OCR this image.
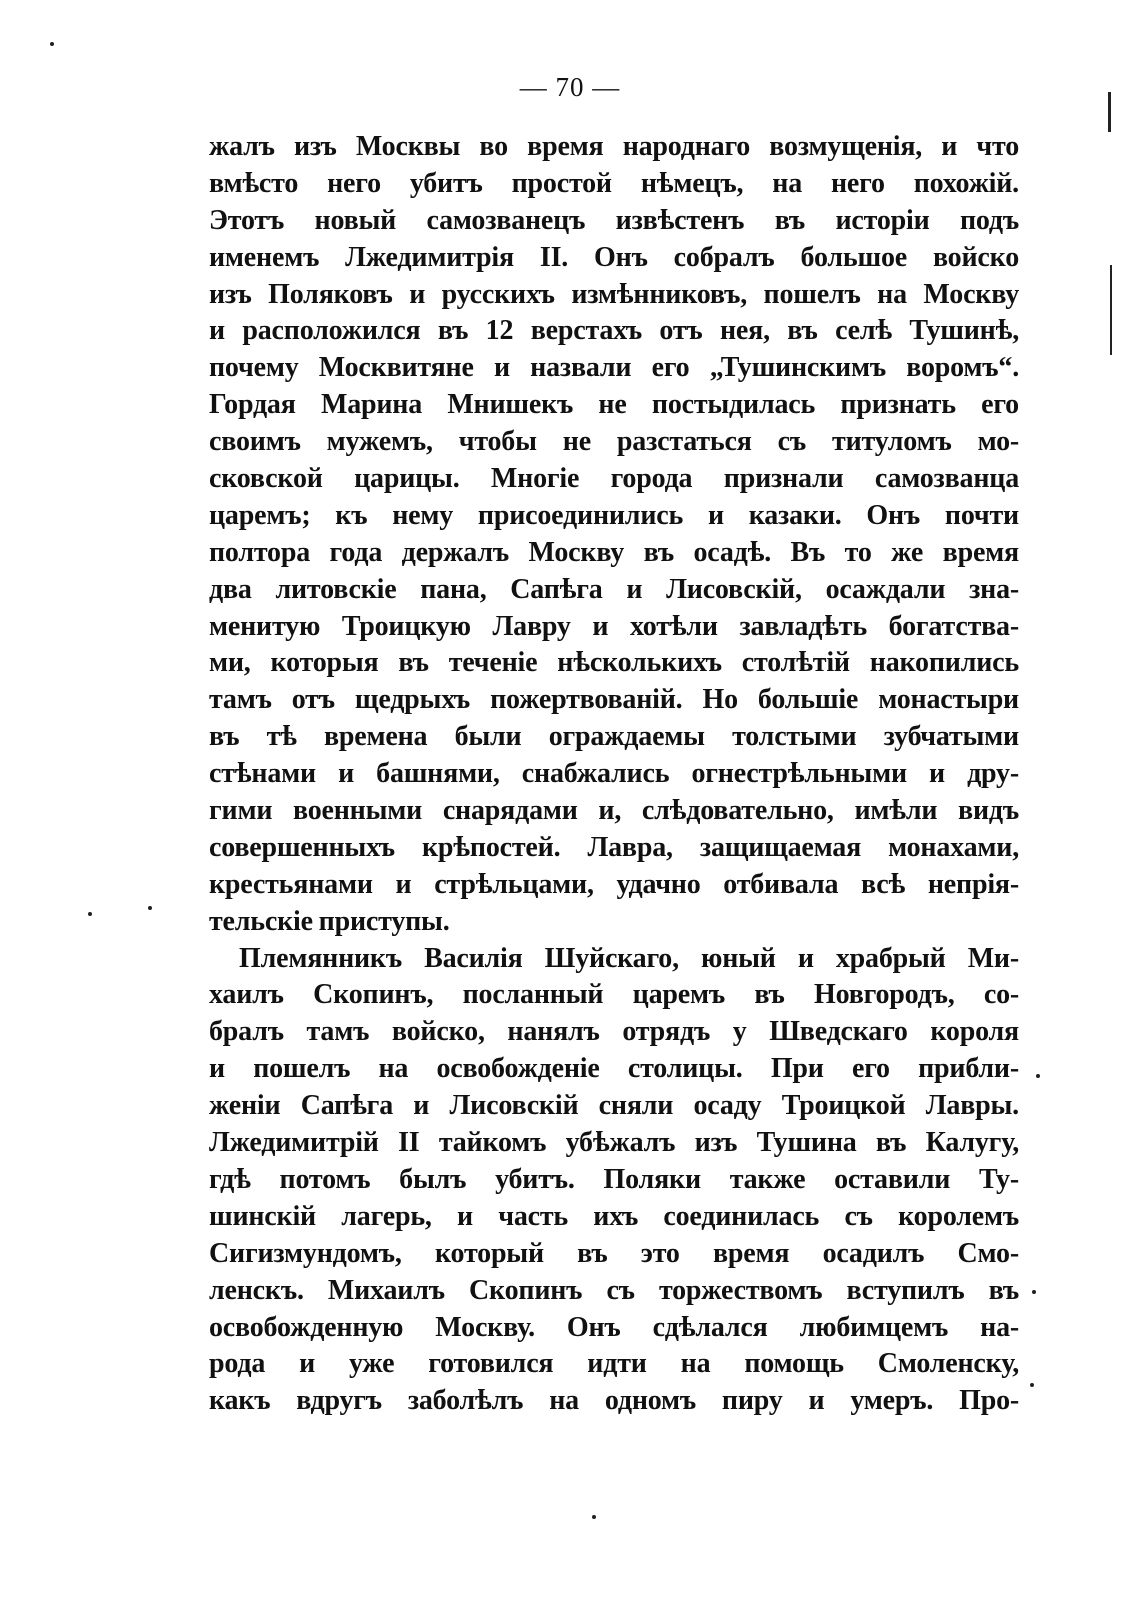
— 70 —
жалъ изъ Москвы во время народнаго возмущенія, и что
вмѣсто него убитъ простой нѣмецъ, на него похожій.
Этотъ новый самозванецъ извѣстенъ въ исторіи подъ
именемъ Лжедимитрія II. Онъ собралъ большое войско
изъ Поляковъ и русскихъ измѣнниковъ, пошелъ на Москву
и расположился въ 12 верстахъ отъ нея, въ селѣ Тушинѣ,
почему Москвитяне и назвали его „Тушинскимъ воромъ“.
Гордая Марина Мнишекъ не постыдилась признать его
своимъ мужемъ, чтобы не разстаться съ титуломъ мо-
сковской царицы. Многіе города признали самозванца
царемъ; къ нему присоединились и казаки. Онъ почти
полтора года держалъ Москву въ осадѣ. Въ то же время
два литовскіе пана, Сапѣга и Лисовскій, осаждали зна-
менитую Троицкую Лавру и хотѣли завладѣть богатства-
ми, которыя въ теченіе нѣсколькихъ столѣтій накопились
тамъ отъ щедрыхъ пожертвованій. Но большіе монастыри
въ тѣ времена были ограждаемы толстыми зубчатыми
стѣнами и башнями, снабжались огнестрѣльными и дру-
гими военными снарядами и, слѣдовательно, имѣли видъ
совершенныхъ крѣпостей. Лавра, защищаемая монахами,
крестьянами и стрѣльцами, удачно отбивала всѣ непрія-
тельскіе приступы.
Племянникъ Василія Шуйскаго, юный и храбрый Ми-
хаилъ Скопинъ, посланный царемъ въ Новгородъ, со-
бралъ тамъ войско, нанялъ отрядъ у Шведскаго короля
и пошелъ на освобожденіе столицы. При его прибли-
женіи Сапѣга и Лисовскій сняли осаду Троицкой Лавры.
Лжедимитрій II тайкомъ убѣжалъ изъ Тушина въ Калугу,
гдѣ потомъ былъ убитъ. Поляки также оставили Ту-
шинскій лагерь, и часть ихъ соединилась съ королемъ
Сигизмундомъ, который въ это время осадилъ Смо-
ленскъ. Михаилъ Скопинъ съ торжествомъ вступилъ въ
освобожденную Москву. Онъ сдѣлался любимцемъ на-
рода и уже готовился идти на помощь Смоленску,
какъ вдругъ заболѣлъ на одномъ пиру и умеръ. Про-
